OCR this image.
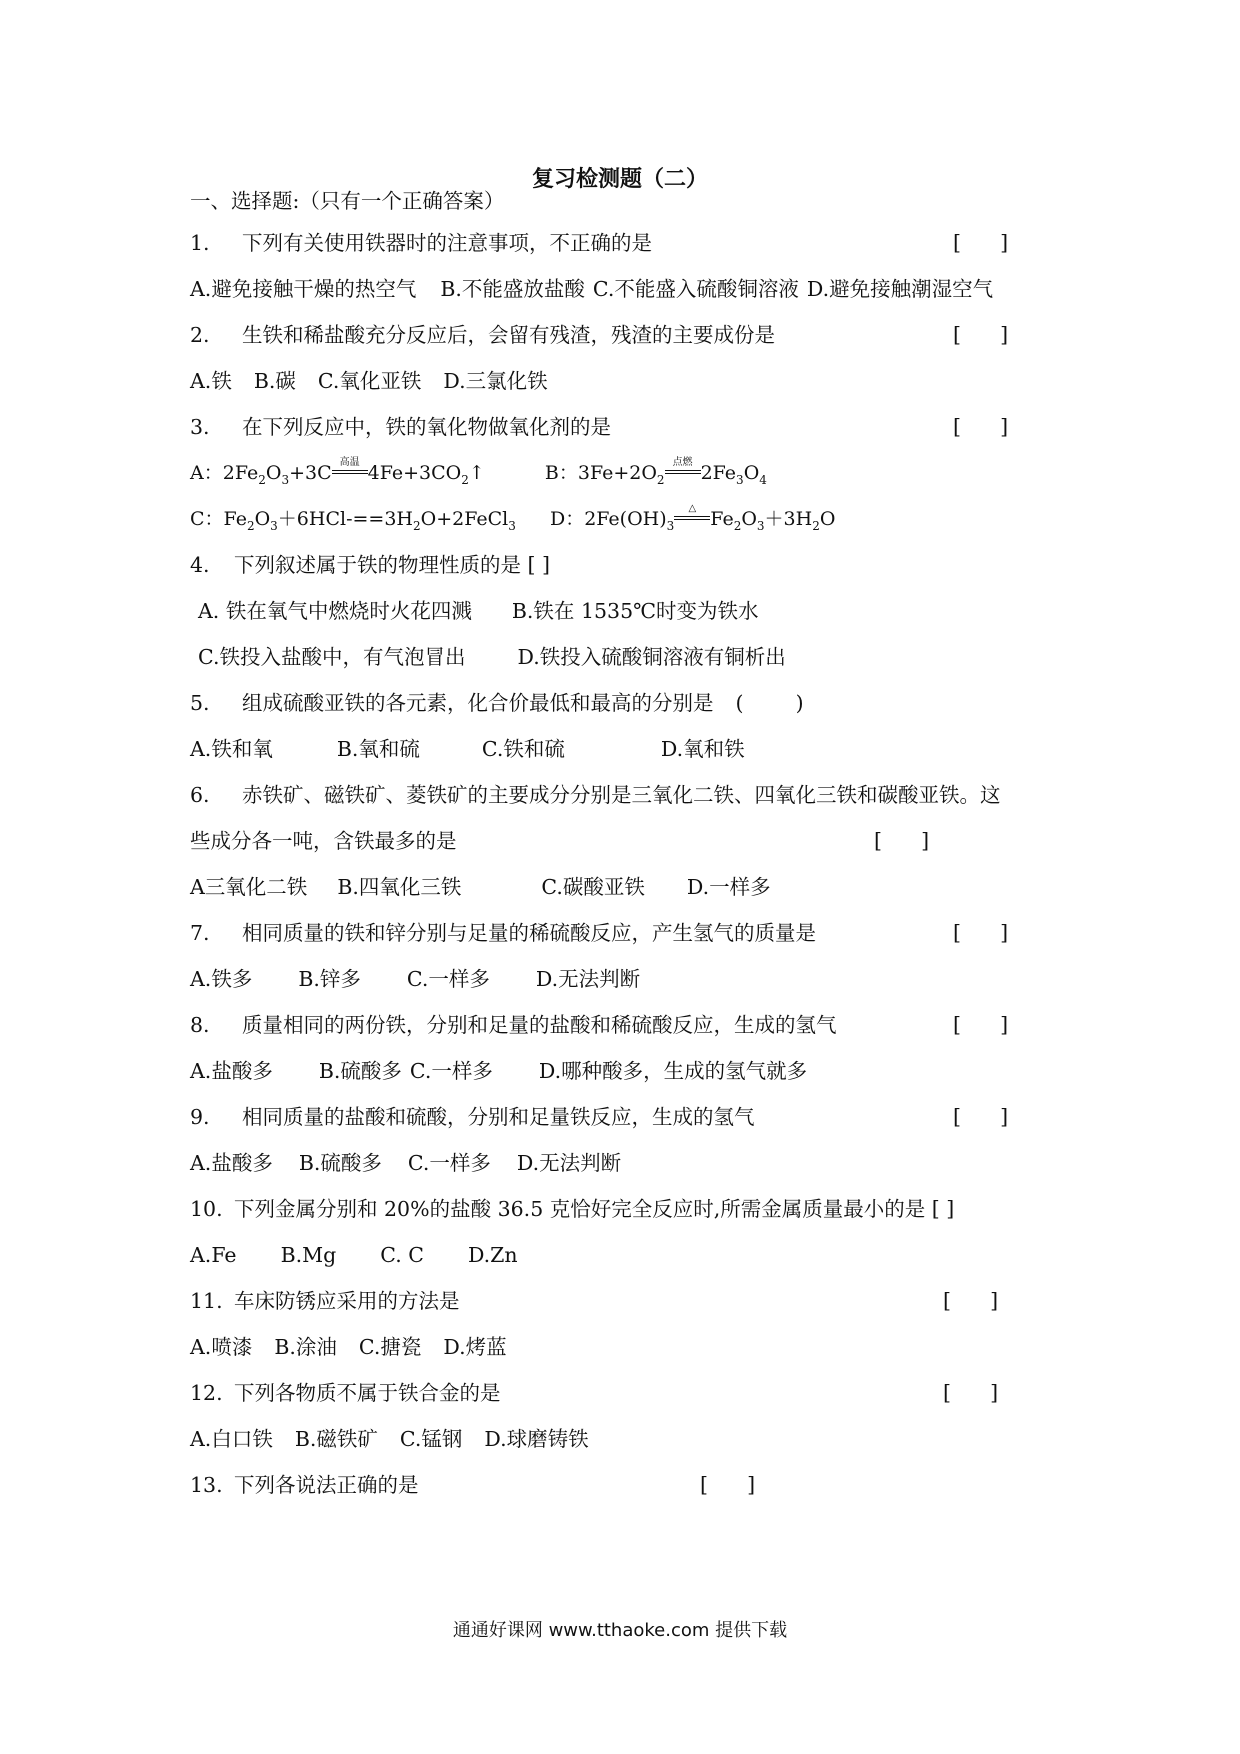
复习检测题（二）
一、选择题:（只有一个正确答案）
1. 下列有关使用铁器时的注意事项，不正确的是	[      ]
A.避免接触干燥的热空气 B.不能盛放盐酸 C.不能盛入硫酸铜溶液 D.避免接触潮湿空气
2. 生铁和稀盐酸充分反应后，会留有残渣，残渣的主要成份是	[      ]
A.铁 B.碳 C.氧化亚铁 D.三氯化铁
3. 在下列反应中，铁的氧化物做氧化剂的是	[      ]
A：$2Fe_2O_3+3C$ 高温 $4Fe+3CO_2↑$	B：$3Fe+2O_2$点燃 $2Fe_3O_4$
C：$Fe_2O_3+6HCl-==3H_2O+2FeCl_3$ D：$2Fe(OH)_3\triangle$ $Fe_2O_3+3H_2O$
4. 下列叙述属于铁的物理性质的是 [ ]
A. 铁在氧气中燃烧时火花四溅 B.铁在 1535℃时变为铁水
C.铁投入盐酸中，有气泡冒出	D.铁投入硫酸铜溶液有铜析出
5. 组成硫酸亚铁的各元素，化合价最低和最高的分别是 (        )
A.铁和氧	B.氧和硫	C.铁和硫	D.氧和铁
6. 赤铁矿、磁铁矿、菱铁矿的主要成分分别是三氧化二铁、四氧化三铁和碳酸亚铁。这
些成分各一吨，含铁最多的是	[      ]
A三氧化二铁 B.四氧化三铁	C.碳酸亚铁 D.一样多
7. 相同质量的铁和锌分别与足量的稀硫酸反应，产生氢气的质量是	[      ]
A.铁多 B.锌多 C.一样多 D.无法判断
8. 质量相同的两份铁，分别和足量的盐酸和稀硫酸反应，生成的氢气	[      ]
A.盐酸多 B.硫酸多 C.一样多 D.哪种酸多，生成的氢气就多
9. 相同质量的盐酸和硫酸，分别和足量铁反应，生成的氢气	[      ]
A.盐酸多 B.硫酸多 C.一样多 D.无法判断
10. 下列金属分别和 20%的盐酸 36.5 克恰好完全反应时,所需金属质量最小的是 [ ]
A.Fe B.Mg C. C D.Zn
11. 车床防锈应采用的方法是	[      ]
A.喷漆 B.涂油 C.搪瓷 D.烤蓝
12. 下列各物质不属于铁合金的是	[      ]
A.白口铁 B.磁铁矿 C.锰钢 D.球磨铸铁
13. 下列各说法正确的是	[      ]
通通好课网 www.tthaoke.com 提供下载
